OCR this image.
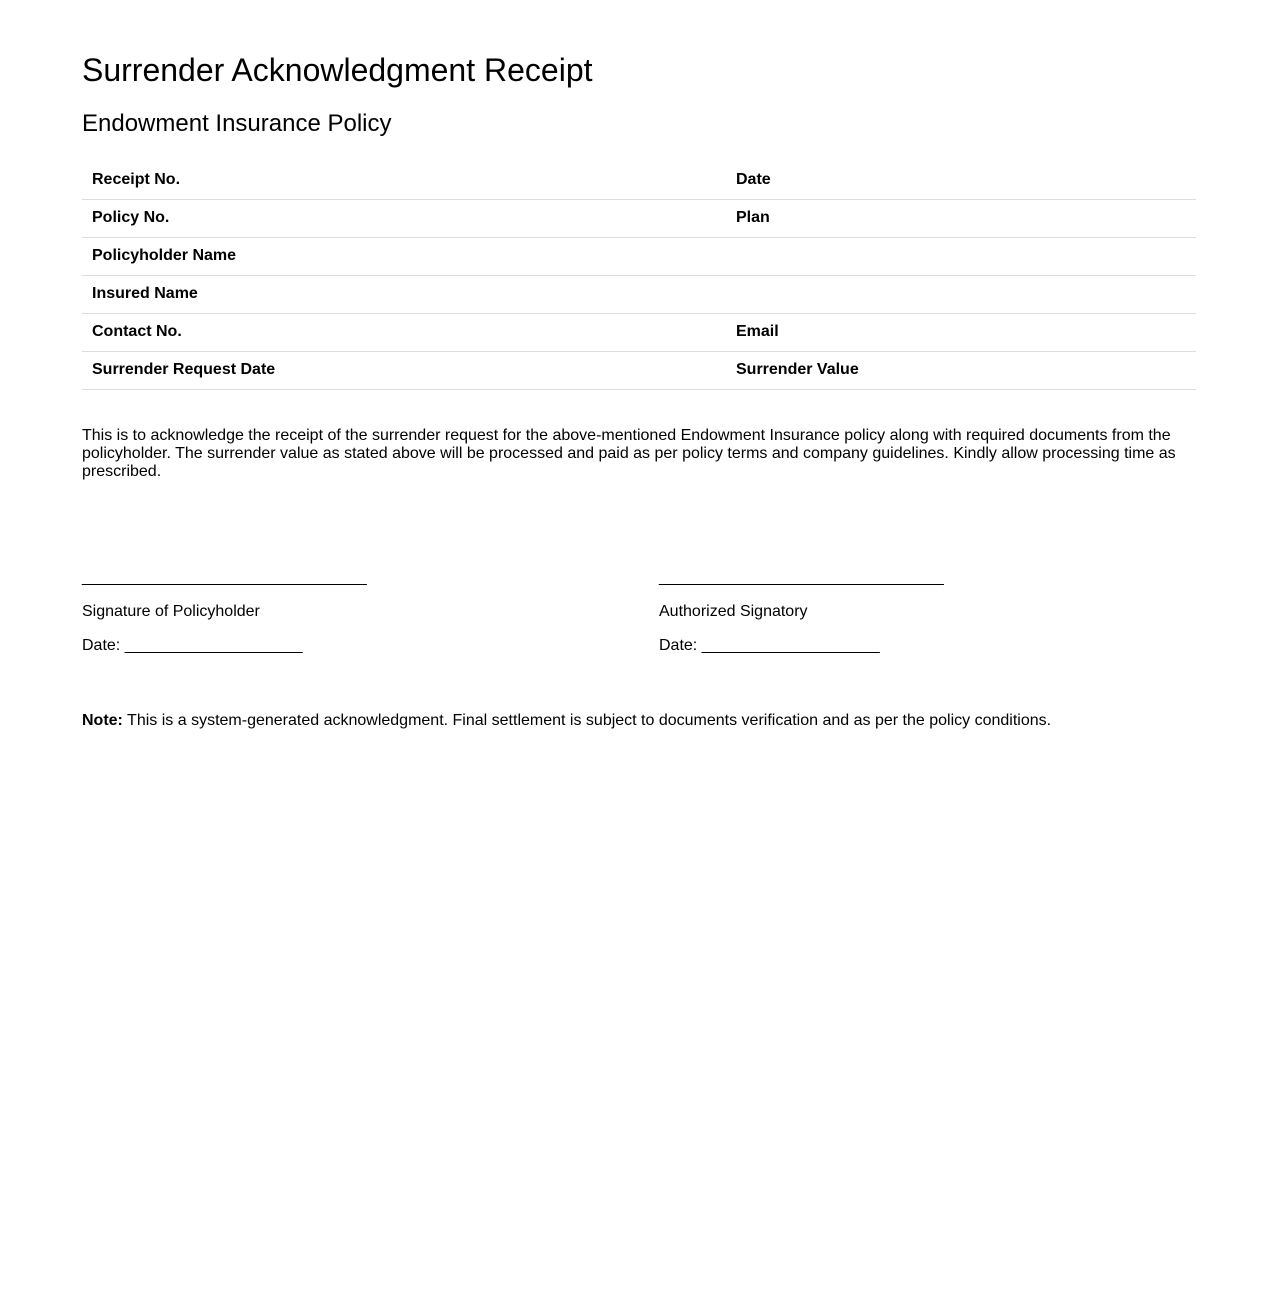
Surrender Acknowledgment Receipt
Endowment Insurance Policy
Receipt No.	Date
Policy No.	Plan
Policyholder Name	
Insured Name	
Contact No.	Email
Surrender Request Date	Surrender Value

This is to acknowledge the receipt of the surrender request for the above-mentioned Endowment Insurance policy along with required documents from the policyholder. The surrender value as stated above will be processed and paid as per policy terms and company guidelines. Kindly allow processing time as prescribed.

________________________________
Signature of Policyholder
Date: ____________________
________________________________
Authorized Signatory
Date: ____________________

Note: This is a system-generated acknowledgment. Final settlement is subject to documents verification and as per the policy conditions.
